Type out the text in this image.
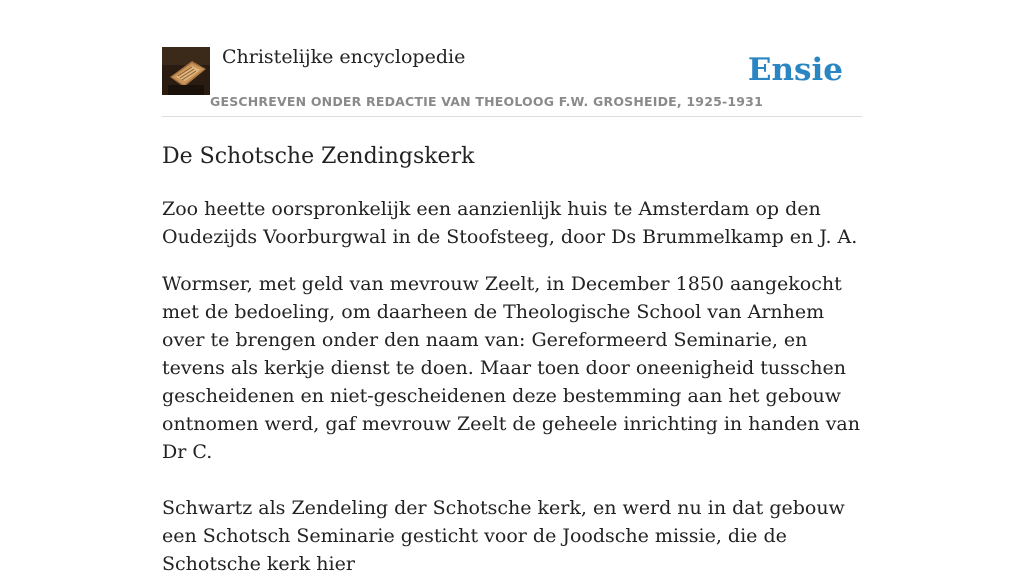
Christelijke encyclopedie
GESCHREVEN ONDER REDACTIE VAN THEOLOOG F.W. GROSHEIDE, 1925-1931
Ensie
De Schotsche Zendingskerk

Zoo heette oorspronkelijk een aanzienlijk huis te Amsterdam op den Oudezijds Voorburgwal in de Stoofsteeg, door Ds Brummelkamp en J. A.

Wormser, met geld van mevrouw Zeelt, in December 1850 aangekocht met de bedoeling, om daarheen de Theologische School van Arnhem over te brengen onder den naam van: Gereformeerd Seminarie, en tevens als kerkje dienst te doen. Maar toen door oneenigheid tusschen gescheidenen en niet-gescheidenen deze bestemming aan het gebouw ontnomen werd, gaf mevrouw Zeelt de geheele inrichting in handen van Dr C.

Schwartz als Zendeling der Schotsche kerk, en werd nu in dat gebouw een Schotsch Seminarie gesticht voor de Joodsche missie, die de Schotsche kerk hier
